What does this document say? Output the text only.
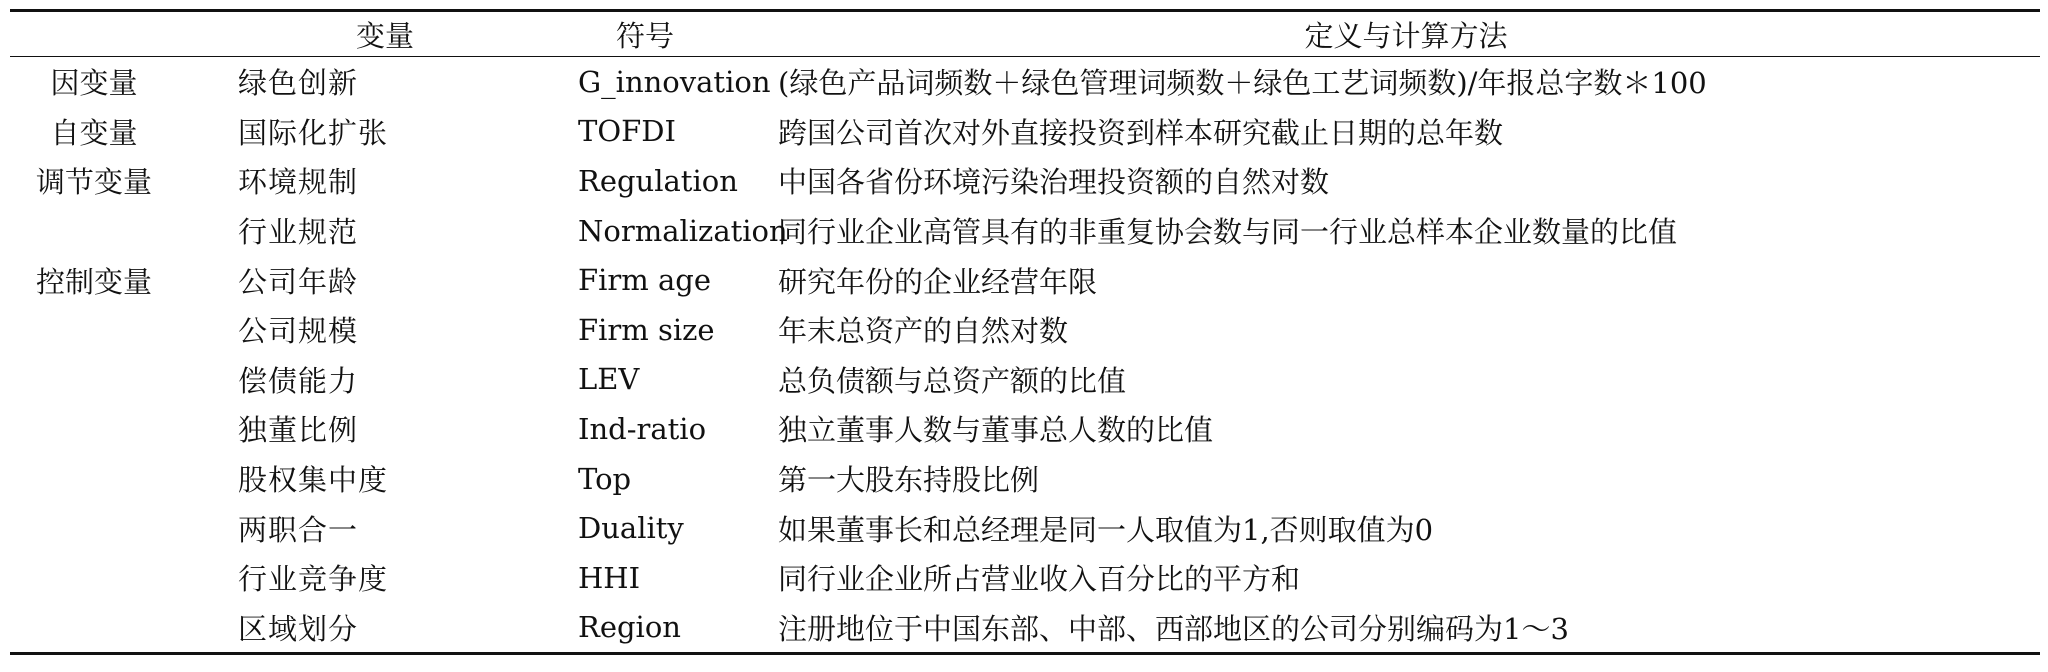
	变量	符号	定义与计算方法
因变量	绿色创新	G_innovation	(绿色产品词频数＋绿色管理词频数＋绿色工艺词频数)/年报总字数＊100
自变量	国际化扩张	TOFDI	跨国公司首次对外直接投资到样本研究截止日期的总年数
调节变量	环境规制	Regulation	中国各省份环境污染治理投资额的自然对数
	行业规范	Normalization	同行业企业高管具有的非重复协会数与同一行业总样本企业数量的比值
控制变量	公司年龄	Firm age	研究年份的企业经营年限
	公司规模	Firm size	年末总资产的自然对数
	偿债能力	LEV	总负债额与总资产额的比值
	独董比例	Ind-ratio	独立董事人数与董事总人数的比值
	股权集中度	Top	第一大股东持股比例
	两职合一	Duality	如果董事长和总经理是同一人取值为1,否则取值为0
	行业竞争度	HHI	同行业企业所占营业收入百分比的平方和
	区域划分	Region	注册地位于中国东部、中部、西部地区的公司分别编码为1～3
